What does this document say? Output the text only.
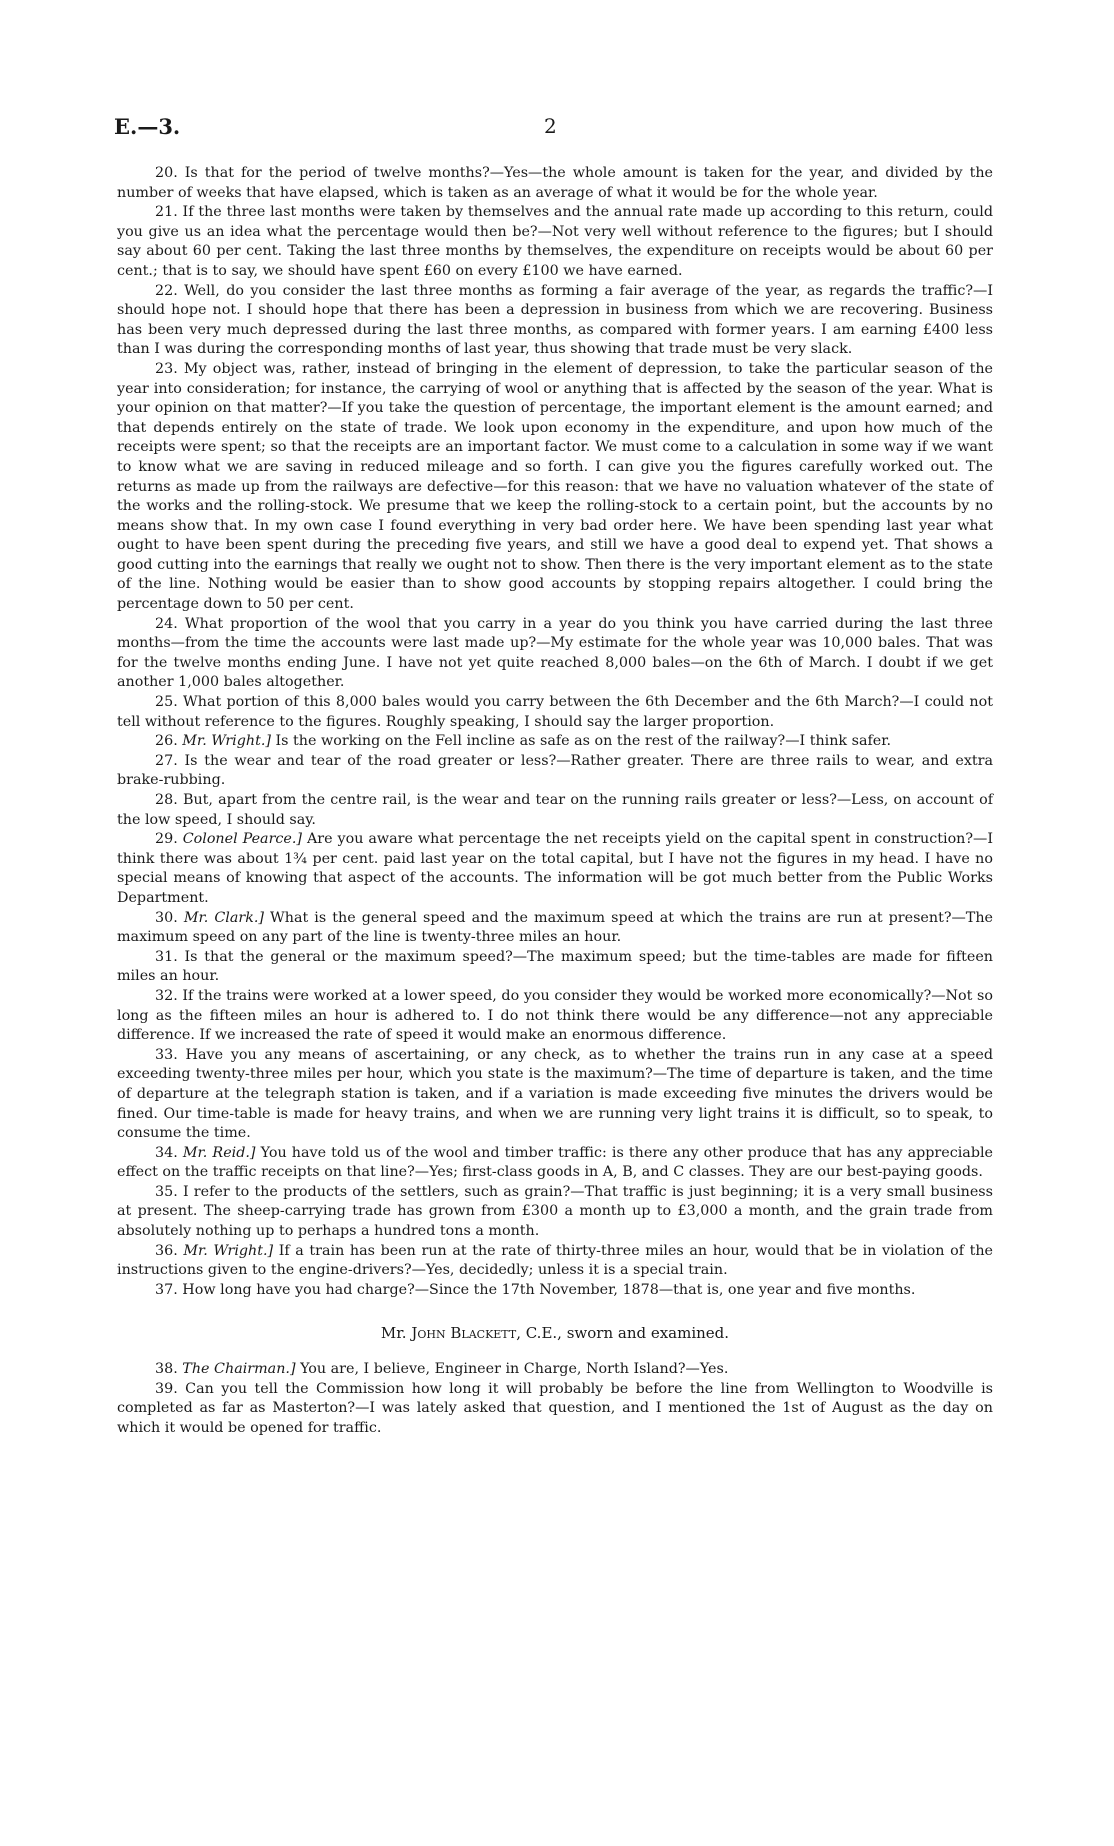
E.—3.	2

20. Is that for the period of twelve months?—Yes—the whole amount is taken for the year, and divided by the number of weeks that have elapsed, which is taken as an average of what it would be for the whole year.

21. If the three last months were taken by themselves and the annual rate made up according to this return, could you give us an idea what the percentage would then be?—Not very well without reference to the figures; but I should say about 60 per cent. Taking the last three months by themselves, the expenditure on receipts would be about 60 per cent.; that is to say, we should have spent £60 on every £100 we have earned.

22. Well, do you consider the last three months as forming a fair average of the year, as regards the traffic?—I should hope not. I should hope that there has been a depression in business from which we are recovering. Business has been very much depressed during the last three months, as compared with former years. I am earning £400 less than I was during the corresponding months of last year, thus showing that trade must be very slack.

23. My object was, rather, instead of bringing in the element of depression, to take the particular season of the year into consideration; for instance, the carrying of wool or anything that is affected by the season of the year. What is your opinion on that matter?—If you take the question of percentage, the important element is the amount earned; and that depends entirely on the state of trade. We look upon economy in the expenditure, and upon how much of the receipts were spent; so that the receipts are an important factor. We must come to a calculation in some way if we want to know what we are saving in reduced mileage and so forth. I can give you the figures carefully worked out. The returns as made up from the railways are defective—for this reason: that we have no valuation whatever of the state of the works and the rolling-stock. We presume that we keep the rolling-stock to a certain point, but the accounts by no means show that. In my own case I found everything in very bad order here. We have been spending last year what ought to have been spent during the preceding five years, and still we have a good deal to expend yet. That shows a good cutting into the earnings that really we ought not to show. Then there is the very important element as to the state of the line. Nothing would be easier than to show good accounts by stopping repairs altogether. I could bring the percentage down to 50 per cent.

24. What proportion of the wool that you carry in a year do you think you have carried during the last three months—from the time the accounts were last made up?—My estimate for the whole year was 10,000 bales. That was for the twelve months ending June. I have not yet quite reached 8,000 bales—on the 6th of March. I doubt if we get another 1,000 bales altogether.

25. What portion of this 8,000 bales would you carry between the 6th December and the 6th March?—I could not tell without reference to the figures. Roughly speaking, I should say the larger proportion.

26. Mr. Wright.] Is the working on the Fell incline as safe as on the rest of the railway?—I think safer.

27. Is the wear and tear of the road greater or less?—Rather greater. There are three rails to wear, and extra brake-rubbing.

28. But, apart from the centre rail, is the wear and tear on the running rails greater or less?—Less, on account of the low speed, I should say.

29. Colonel Pearce.] Are you aware what percentage the net receipts yield on the capital spent in construction?—I think there was about 1¾ per cent. paid last year on the total capital, but I have not the figures in my head. I have no special means of knowing that aspect of the accounts. The information will be got much better from the Public Works Department.

30. Mr. Clark.] What is the general speed and the maximum speed at which the trains are run at present?—The maximum speed on any part of the line is twenty-three miles an hour.

31. Is that the general or the maximum speed?—The maximum speed; but the time-tables are made for fifteen miles an hour.

32. If the trains were worked at a lower speed, do you consider they would be worked more economically?—Not so long as the fifteen miles an hour is adhered to. I do not think there would be any difference—not any appreciable difference. If we increased the rate of speed it would make an enormous difference.

33. Have you any means of ascertaining, or any check, as to whether the trains run in any case at a speed exceeding twenty-three miles per hour, which you state is the maximum?—The time of departure is taken, and the time of departure at the telegraph station is taken, and if a variation is made exceeding five minutes the drivers would be fined. Our time-table is made for heavy trains, and when we are running very light trains it is difficult, so to speak, to consume the time.

34. Mr. Reid.] You have told us of the wool and timber traffic: is there any other produce that has any appreciable effect on the traffic receipts on that line?—Yes; first-class goods in A, B, and C classes. They are our best-paying goods.

35. I refer to the products of the settlers, such as grain?—That traffic is just beginning; it is a very small business at present. The sheep-carrying trade has grown from £300 a month up to £3,000 a month, and the grain trade from absolutely nothing up to perhaps a hundred tons a month.

36. Mr. Wright.] If a train has been run at the rate of thirty-three miles an hour, would that be in violation of the instructions given to the engine-drivers?—Yes, decidedly; unless it is a special train.

37. How long have you had charge?—Since the 17th November, 1878—that is, one year and five months.

Mr. John Blackett, C.E., sworn and examined.

38. The Chairman.] You are, I believe, Engineer in Charge, North Island?—Yes.

39. Can you tell the Commission how long it will probably be before the line from Wellington to Woodville is completed as far as Masterton?—I was lately asked that question, and I mentioned the 1st of August as the day on which it would be opened for traffic.
